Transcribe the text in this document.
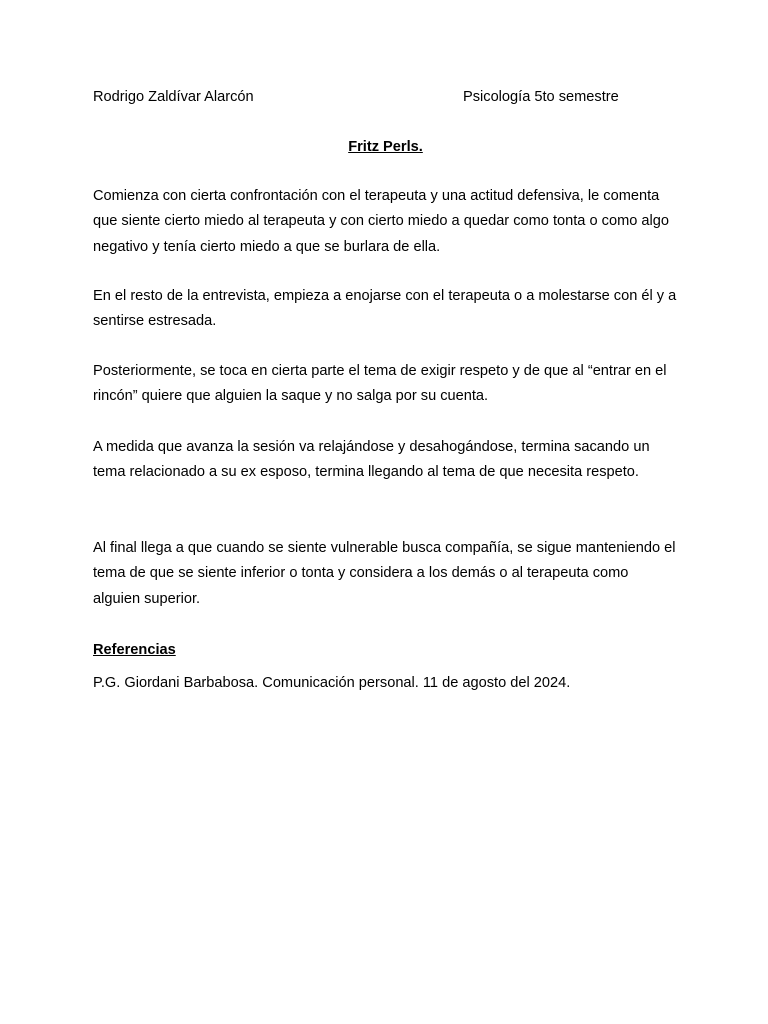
Rodrigo Zaldívar Alarcón	Psicología 5to semestre
Fritz Perls.

Comienza con cierta confrontación con el terapeuta y una actitud defensiva, le comenta que siente cierto miedo al terapeuta y con cierto miedo a quedar como tonta o como algo negativo y tenía cierto miedo a que se burlara de ella.

En el resto de la entrevista, empieza a enojarse con el terapeuta o a molestarse con él y a sentirse estresada.

Posteriormente, se toca en cierta parte el tema de exigir respeto y de que al “entrar en el rincón” quiere que alguien la saque y no salga por su cuenta.

A medida que avanza la sesión va relajándose y desahogándose, termina sacando un tema relacionado a su ex esposo, termina llegando al tema de que necesita respeto.

Al final llega a que cuando se siente vulnerable busca compañía, se sigue manteniendo el tema de que se siente inferior o tonta y considera a los demás o al terapeuta como alguien superior.

Referencias
P.G. Giordani Barbabosa. Comunicación personal. 11 de agosto del 2024.
